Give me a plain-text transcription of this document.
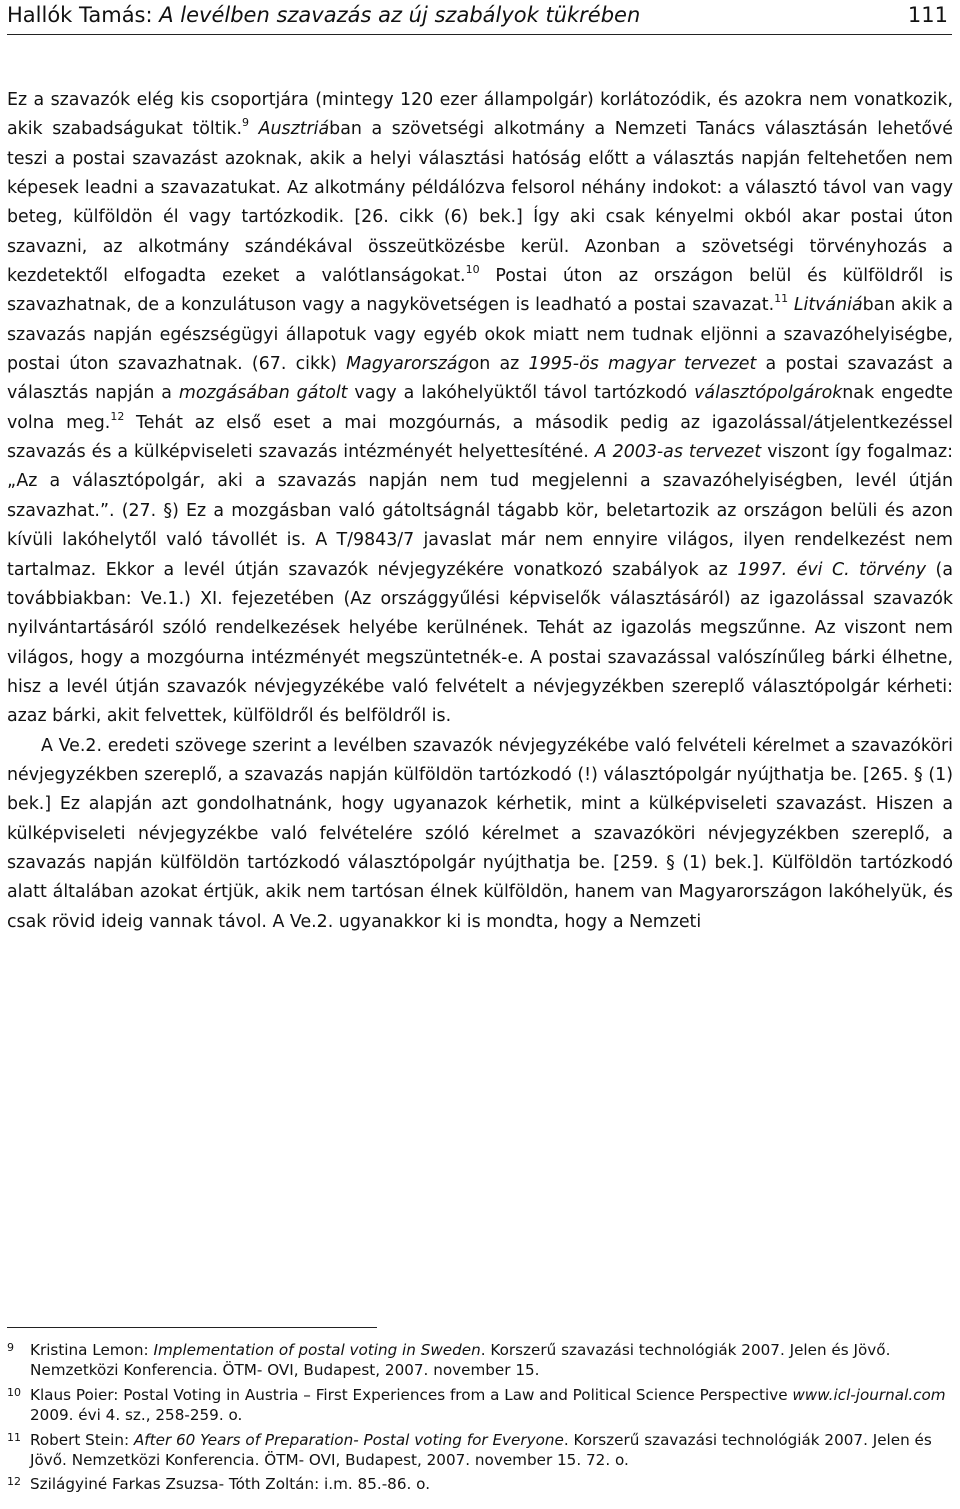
Hallók Tamás: A levélben szavazás az új szabályok tükrében	111

Ez a szavazók elég kis csoportjára (mintegy 120 ezer állampolgár) korlátozódik, és azokra nem vonatkozik, akik szabadságukat töltik.$^9$ Ausztriában a szövetségi alkotmány a Nemzeti Tanács választásán lehetővé teszi a postai szavazást azoknak, akik a helyi választási hatóság előtt a választás napján feltehetően nem képesek leadni a szavazatukat. Az alkotmány példálózva felsorol néhány indokot: a választó távol van vagy beteg, külföldön él vagy tartózkodik. [26. cikk (6) bek.] Így aki csak kényelmi okból akar postai úton szavazni, az alkotmány szándékával összeütközésbe kerül. Azonban a szövetségi törvényhozás a kezdetektől elfogadta ezeket a valótlanságokat.$^{10}$ Postai úton az országon belül és külföldről is szavazhatnak, de a konzulátuson vagy a nagykövetségen is leadható a postai szavazat.$^{11}$ Litvániában akik a szavazás napján egészségügyi állapotuk vagy egyéb okok miatt nem tudnak eljönni a szavazóhelyiségbe, postai úton szavazhatnak. (67. cikk) Magyarországon az 1995-ös magyar tervezet a postai szavazást a választás napján a mozgásában gátolt vagy a lakóhelyüktől távol tartózkodó választópolgároknak engedte volna meg.$^{12}$ Tehát az első eset a mai mozgóurnás, a második pedig az igazolással/átjelentkezéssel szavazás és a külképviseleti szavazás intézményét helyettesíténé. A 2003-as tervezet viszont így fogalmaz: „Az a választópolgár, aki a szavazás napján nem tud megjelenni a szavazóhelyiségben, levél útján szavazhat.”. (27. §) Ez a mozgásban való gátoltságnál tágabb kör, beletartozik az országon belüli és azon kívüli lakóhelytől való távollét is. A T/9843/7 javaslat már nem ennyire világos, ilyen rendelkezést nem tartalmaz. Ekkor a levél útján szavazók névjegyzékére vonatkozó szabályok az 1997. évi C. törvény (a továbbiakban: Ve.1.) XI. fejezetében (Az országgyűlési képviselők választásáról) az igazolással szavazók nyilvántartásáról szóló rendelkezések helyébe kerülnének. Tehát az igazolás megszűnne. Az viszont nem világos, hogy a mozgóurna intézményét megszüntetnék-e. A postai szavazással valószínűleg bárki élhetne, hisz a levél útján szavazók névjegyzékébe való felvételt a névjegyzékben szereplő választópolgár kérheti: azaz bárki, akit felvettek, külföldről és belföldről is.

A Ve.2. eredeti szövege szerint a levélben szavazók névjegyzékébe való felvételi kérelmet a szavazóköri névjegyzékben szereplő, a szavazás napján külföldön tartózkodó (!) választópolgár nyújthatja be. [265. § (1) bek.] Ez alapján azt gondolhatnánk, hogy ugyanazok kérhetik, mint a külképviseleti szavazást. Hiszen a külképviseleti névjegyzékbe való felvételére szóló kérelmet a szavazóköri névjegyzékben szereplő, a szavazás napján külföldön tartózkodó választópolgár nyújthatja be. [259. § (1) bek.]. Külföldön tartózkodó alatt általában azokat értjük, akik nem tartósan élnek külföldön, hanem van Magyarországon lakóhelyük, és csak rövid ideig vannak távol. A Ve.2. ugyanakkor ki is mondta, hogy a Nemzeti

9 Kristina Lemon: Implementation of postal voting in Sweden. Korszerű szavazási technológiák 2007. Jelen és Jövő. Nemzetközi Konferencia. ÖTM- OVI, Budapest, 2007. november 15.
10 Klaus Poier: Postal Voting in Austria – First Experiences from a Law and Political Science Perspective www.icl-journal.com 2009. évi 4. sz., 258-259. o.
11 Robert Stein: After 60 Years of Preparation- Postal voting for Everyone. Korszerű szavazási technológiák 2007. Jelen és Jövő. Nemzetközi Konferencia. ÖTM- OVI, Budapest, 2007. november 15. 72. o.
12 Szilágyiné Farkas Zsuzsa- Tóth Zoltán: i.m. 85.-86. o.
